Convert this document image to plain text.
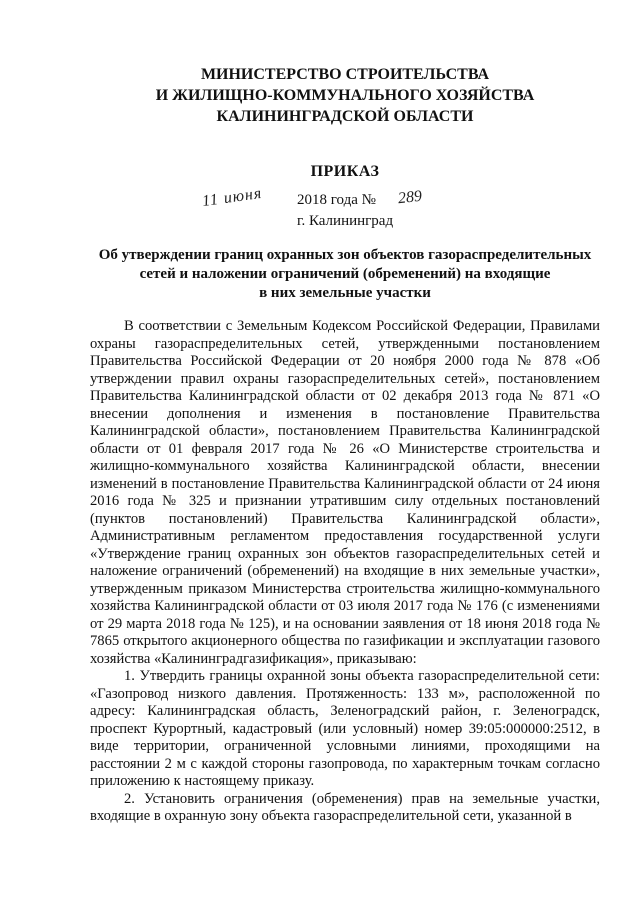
МИНИСТЕРСТВО СТРОИТЕЛЬСТВА
И ЖИЛИЩНО-КОММУНАЛЬНОГО ХОЗЯЙСТВА
КАЛИНИНГРАДСКОЙ ОБЛАСТИ
ПРИКАЗ
11 июня 2018 года № 289
г. Калининград
Об утверждении границ охранных зон объектов газораспределительных
сетей и наложении ограничений (обременений) на входящие
в них земельные участки

В соответствии с Земельным Кодексом Российской Федерации, Правилами охраны газораспределительных сетей, утвержденными постановлением Правительства Российской Федерации от 20 ноября 2000 года № 878 «Об утверждении правил охраны газораспределительных сетей», постановлением Правительства Калининградской области от 02 декабря 2013 года № 871 «О внесении дополнения и изменения в постановление Правительства Калининградской области», постановлением Правительства Калининградской области от 01 февраля 2017 года № 26 «О Министерстве строительства и жилищно-коммунального хозяйства Калининградской области, внесении изменений в постановление Правительства Калининградской области от 24 июня 2016 года № 325 и признании утратившим силу отдельных постановлений (пунктов постановлений) Правительства Калининградской области», Административным регламентом предоставления государственной услуги «Утверждение границ охранных зон объектов газораспределительных сетей и наложение ограничений (обременений) на входящие в них земельные участки», утвержденным приказом Министерства строительства жилищно-коммунального хозяйства Калининградской области от 03 июля 2017 года № 176 (с изменениями от 29 марта 2018 года № 125), и на основании заявления от 18 июня 2018 года № 7865 открытого акционерного общества по газификации и эксплуатации газового хозяйства «Калининградгазификация», приказываю:

1. Утвердить границы охранной зоны объекта газораспределительной сети: «Газопровод низкого давления. Протяженность: 133 м», расположенной по адресу: Калининградская область, Зеленоградский район, г. Зеленоградск, проспект Курортный, кадастровый (или условный) номер 39:05:000000:2512, в виде территории, ограниченной условными линиями, проходящими на расстоянии 2 м с каждой стороны газопровода, по характерным точкам согласно приложению к настоящему приказу.

2. Установить ограничения (обременения) прав на земельные участки, входящие в охранную зону объекта газораспределительной сети, указанной в
